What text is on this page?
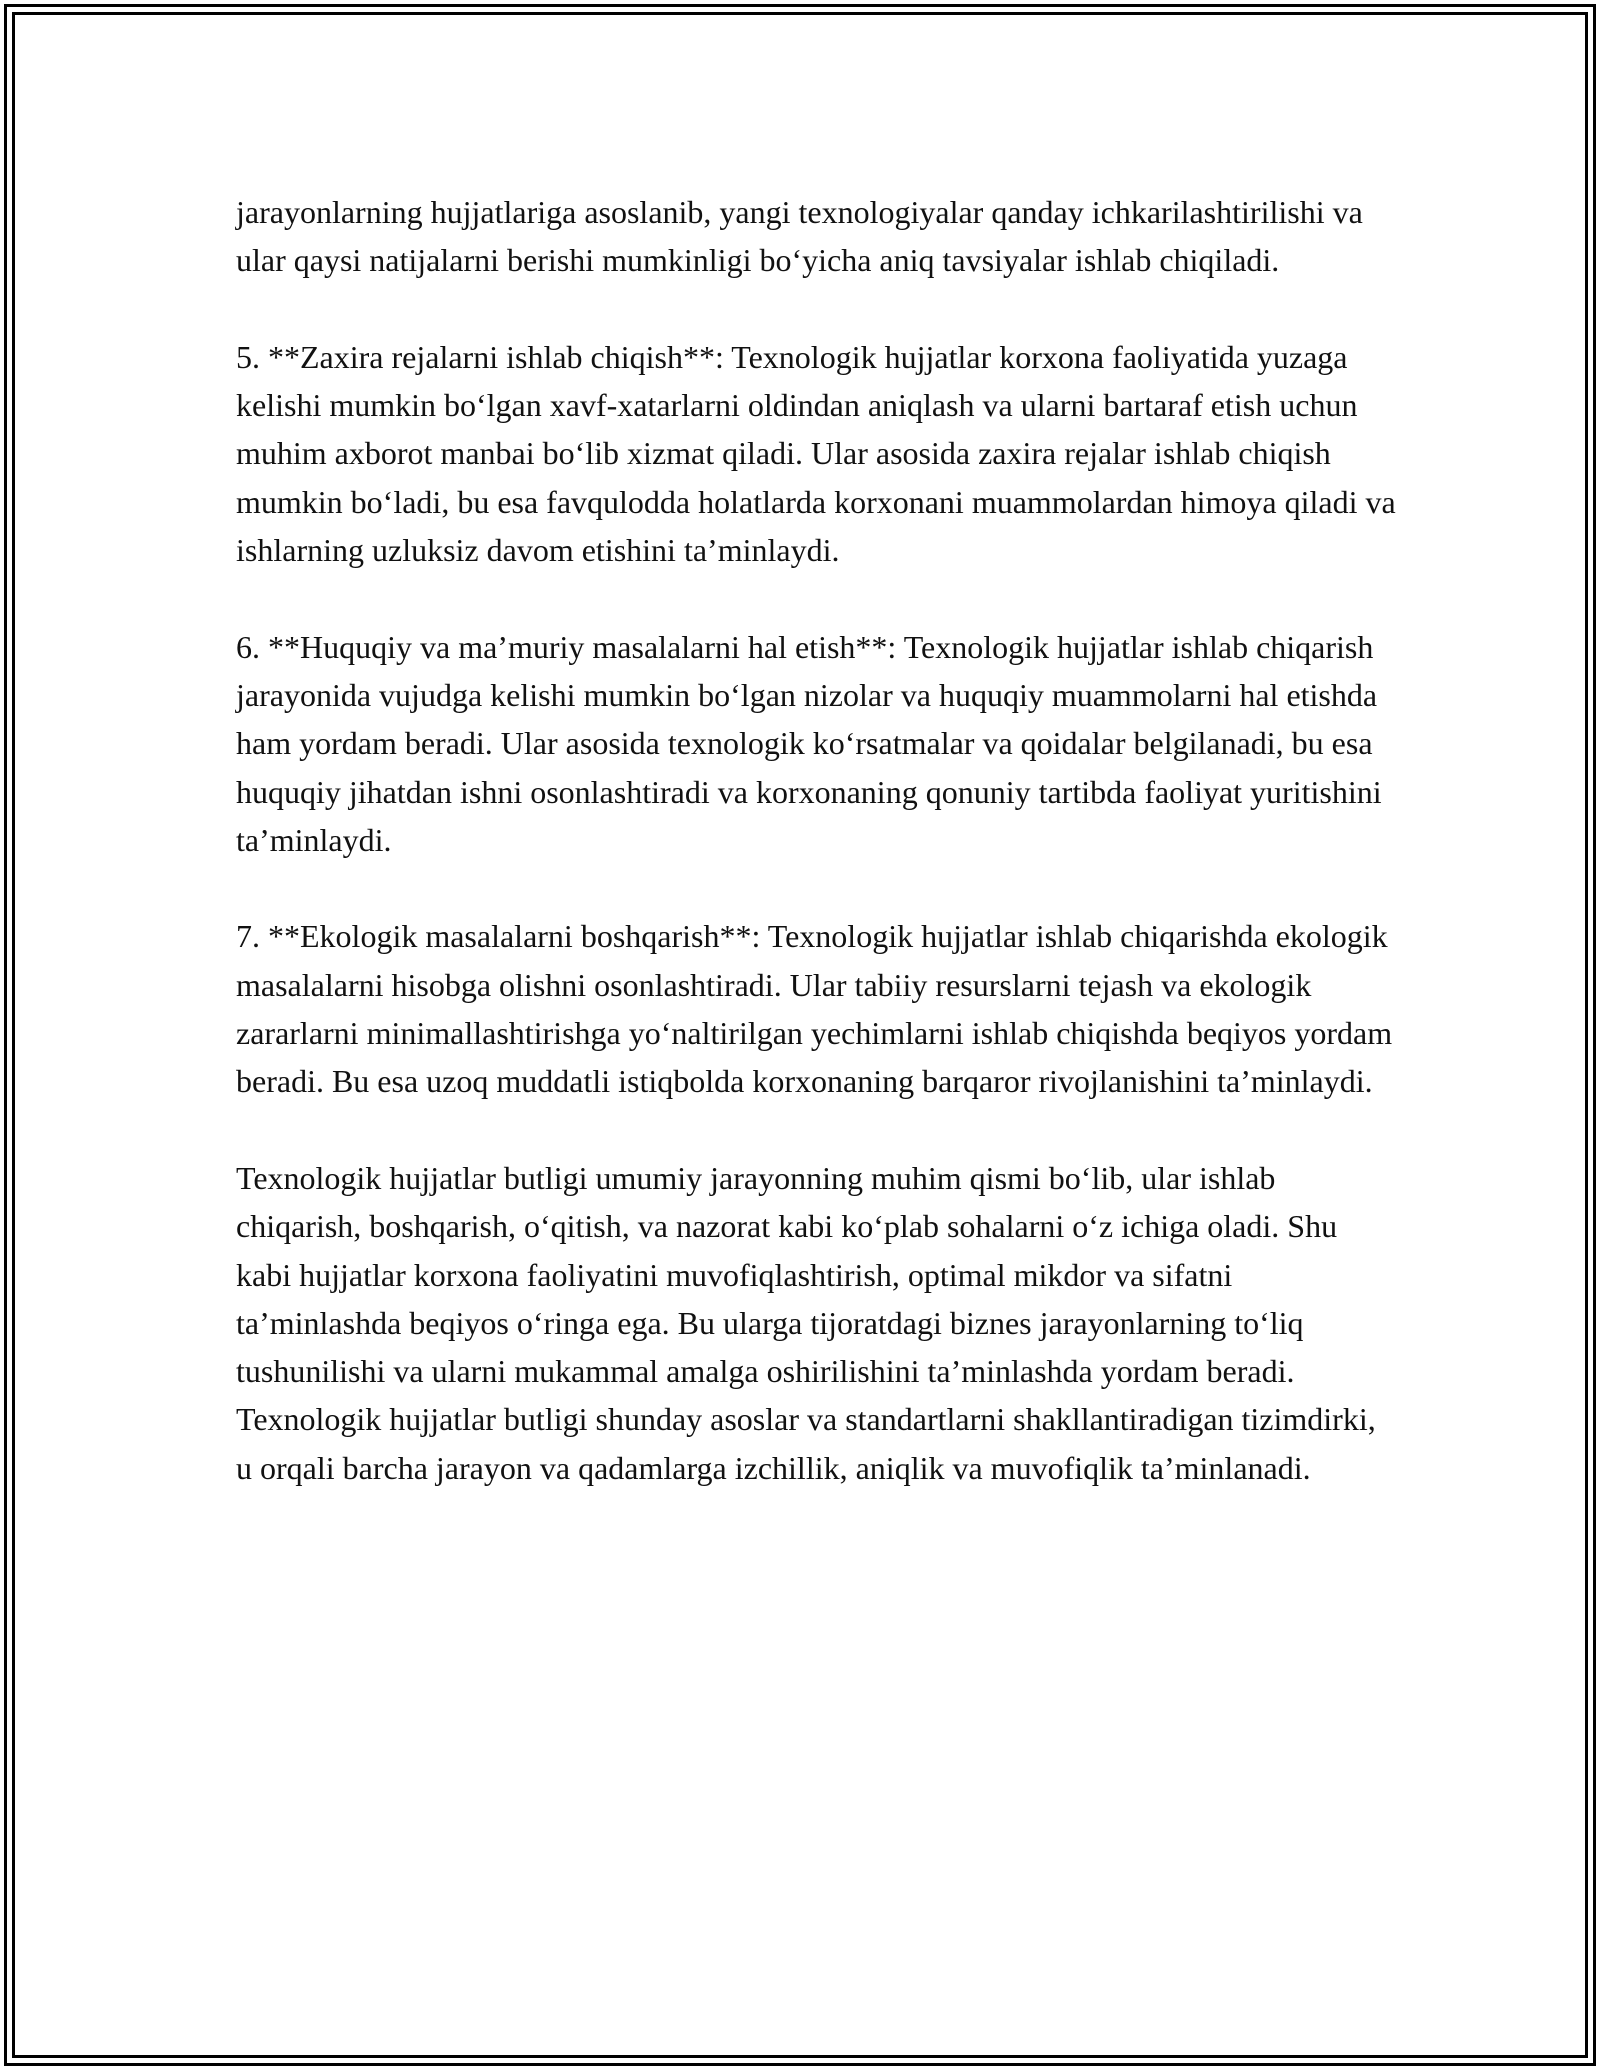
jarayonlarning hujjatlariga asoslanib, yangi texnologiyalar qanday ichkarilashtirilishi va ular qaysi natijalarni berishi mumkinligi bo‘yicha aniq tavsiyalar ishlab chiqiladi.

5. **Zaxira rejalarni ishlab chiqish**: Texnologik hujjatlar korxona faoliyatida yuzaga kelishi mumkin bo‘lgan xavf-xatarlarni oldindan aniqlash va ularni bartaraf etish uchun muhim axborot manbai bo‘lib xizmat qiladi. Ular asosida zaxira rejalar ishlab chiqish mumkin bo‘ladi, bu esa favqulodda holatlarda korxonani muammolardan himoya qiladi va ishlarning uzluksiz davom etishini ta’minlaydi.

6. **Huquqiy va ma’muriy masalalarni hal etish**: Texnologik hujjatlar ishlab chiqarish jarayonida vujudga kelishi mumkin bo‘lgan nizolar va huquqiy muammolarni hal etishda ham yordam beradi. Ular asosida texnologik ko‘rsatmalar va qoidalar belgilanadi, bu esa huquqiy jihatdan ishni osonlashtiradi va korxonaning qonuniy tartibda faoliyat yuritishini ta’minlaydi.

7. **Ekologik masalalarni boshqarish**: Texnologik hujjatlar ishlab chiqarishda ekologik masalalarni hisobga olishni osonlashtiradi. Ular tabiiy resurslarni tejash va ekologik zararlarni minimallashtirishga yo‘naltirilgan yechimlarni ishlab chiqishda beqiyos yordam beradi. Bu esa uzoq muddatli istiqbolda korxonaning barqaror rivojlanishini ta’minlaydi.

Texnologik hujjatlar butligi umumiy jarayonning muhim qismi bo‘lib, ular ishlab chiqarish, boshqarish, o‘qitish, va nazorat kabi ko‘plab sohalarni o‘z ichiga oladi. Shu kabi hujjatlar korxona faoliyatini muvofiqlashtirish, optimal mikdor va sifatni ta’minlashda beqiyos o‘ringa ega. Bu ularga tijoratdagi biznes jarayonlarning to‘liq tushunilishi va ularni mukammal amalga oshirilishini ta’minlashda yordam beradi. Texnologik hujjatlar butligi shunday asoslar va standartlarni shakllantiradigan tizimdirki, u orqali barcha jarayon va qadamlarga izchillik, aniqlik va muvofiqlik ta’minlanadi.
